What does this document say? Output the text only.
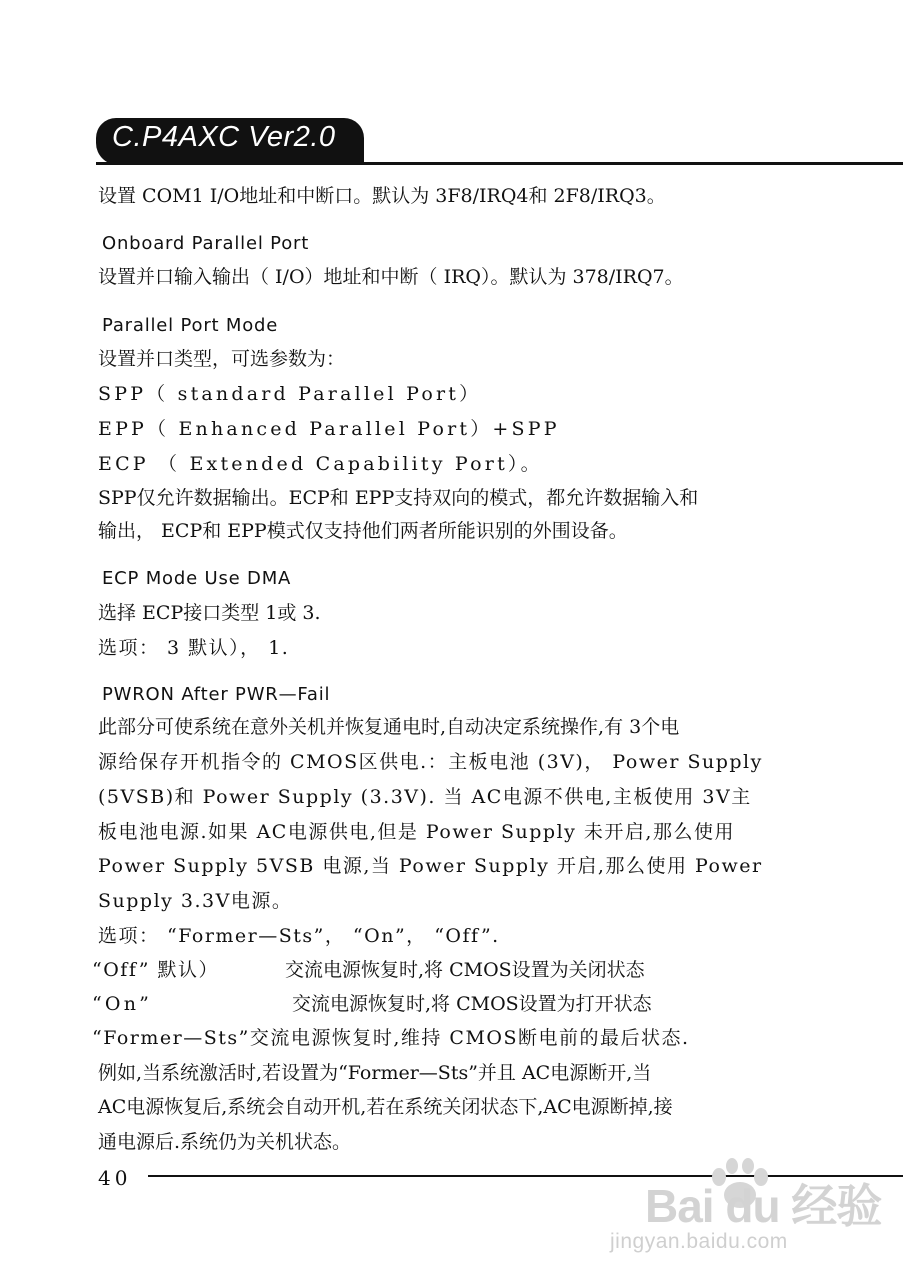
C.P4AXC Ver2.0
设置 COM1 I/O地址和中断口。默认为 3F8/IRQ4和 2F8/IRQ3。
Onboard Parallel Port
设置并口输入输出（ I/O）地址和中断（ IRQ）。默认为 378/IRQ7。
Parallel Port Mode
设置并口类型，可选参数为：
SPP（ standard Parallel Port）
EPP（ Enhanced Parallel Port）+SPP
ECP （ Extended Capability Port）。
SPP仅允许数据输出。ECP和 EPP支持双向的模式，都允许数据输入和
输出， ECP和 EPP模式仅支持他们两者所能识别的外围设备。
ECP Mode Use DMA
选择 ECP接口类型 1或 3.
选项： 3 默认）， 1.
PWRON After PWR—Fail
此部分可使系统在意外关机并恢复通电时,自动决定系统操作,有 3个电
源给保存开机指令的 CMOS区供电.：主板电池 (3V)， Power Supply
(5VSB)和 Power Supply (3.3V). 当 AC电源不供电,主板使用 3V主
板电池电源.如果 AC电源供电,但是 Power Supply 未开启,那么使用
Power Supply 5VSB 电源,当 Power Supply 开启,那么使用 Power
Supply 3.3V电源。
选项： “Former—Sts”， “On”， “Off”.
“Off” 默认）	交流电源恢复时,将 CMOS设置为关闭状态
“On”	交流电源恢复时,将 CMOS设置为打开状态
“Former—Sts”交流电源恢复时,维持 CMOS断电前的最后状态.
例如,当系统激活时,若设置为“Former—Sts”并且 AC电源断开,当
AC电源恢复后,系统会自动开机,若在系统关闭状态下,AC电源断掉,接
通电源后.系统仍为关机状态。
40
Bai du 经验
jingyan.baidu.com
